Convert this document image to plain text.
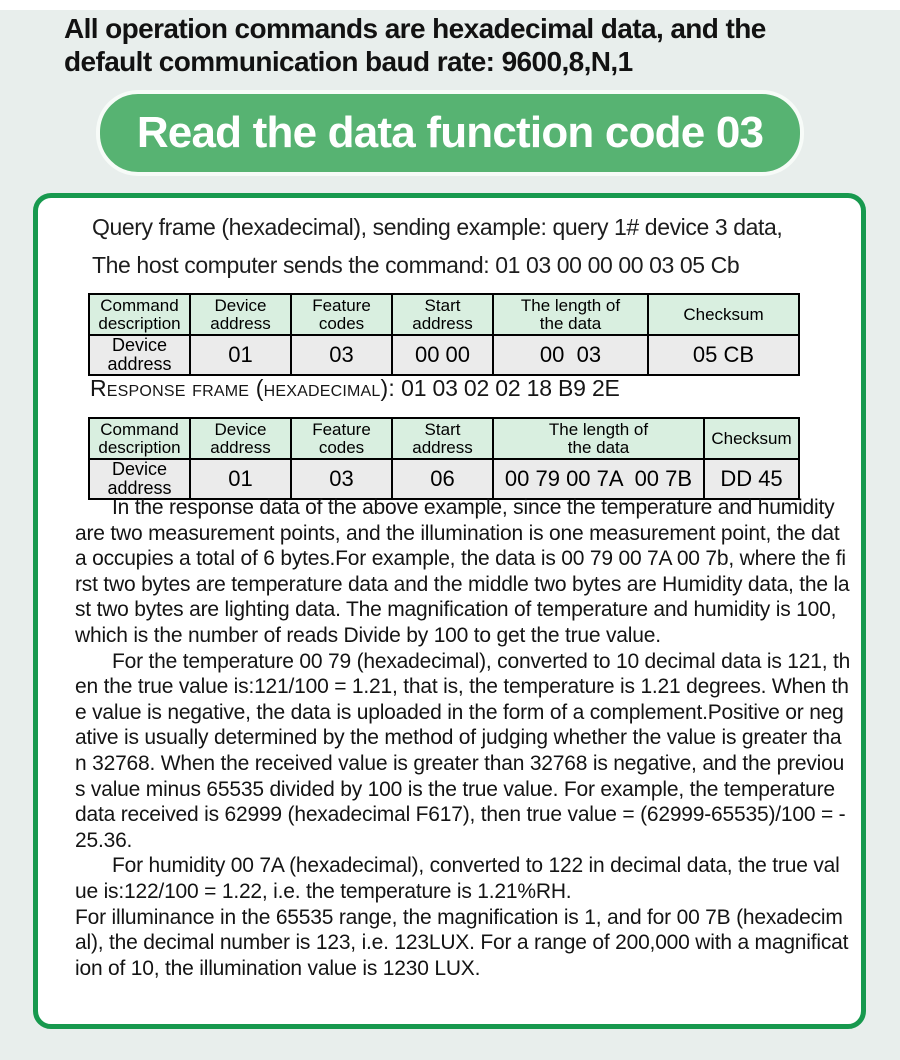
All operation commands are hexadecimal data, and the
default communication baud rate: 9600,8,N,1
Read the data function code 03
Query frame (hexadecimal), sending example: query 1# device 3 data,
The host computer sends the command: 01 03 00 00 00 03 05 Cb
Command description	Device address	Feature codes	Start address	The length of the data	Checksum
Device address	01	03	00 00	00  03	05 CB
Response frame (hexadecimal): 01 03 02 02 18 B9 2E
Command description	Device address	Feature codes	Start address	The length of the data	Checksum
Device address	01	03	06	00 79 00 7A  00 7B	DD 45

In the response data of the above example, since the temperature and humidity are two measurement points, and the illumination is one measurement point, the data occupies a total of 6 bytes.For example, the data is 00 79 00 7A 00 7b, where the first two bytes are temperature data and the middle two bytes are Humidity data, the last two bytes are lighting data. The magnification of temperature and humidity is 100, which is the number of reads Divide by 100 to get the true value.

For the temperature 00 79 (hexadecimal), converted to 10 decimal data is 121, then the true value is:121/100 = 1.21, that is, the temperature is 1.21 degrees. When the value is negative, the data is uploaded in the form of a complement.Positive or negative is usually determined by the method of judging whether the value is greater than 32768. When the received value is greater than 32768 is negative, and the previous value minus 65535 divided by 100 is the true value. For example, the temperature data received is 62999 (hexadecimal F617), then true value = (62999-65535)/100 = -25.36.

For humidity 00 7A (hexadecimal), converted to 122 in decimal data, the true value is:122/100 = 1.22, i.e. the temperature is 1.21%RH.

For illuminance in the 65535 range, the magnification is 1, and for 00 7B (hexadecimal), the decimal number is 123, i.e. 123LUX. For a range of 200,000 with a magnification of 10, the illumination value is 1230 LUX.
